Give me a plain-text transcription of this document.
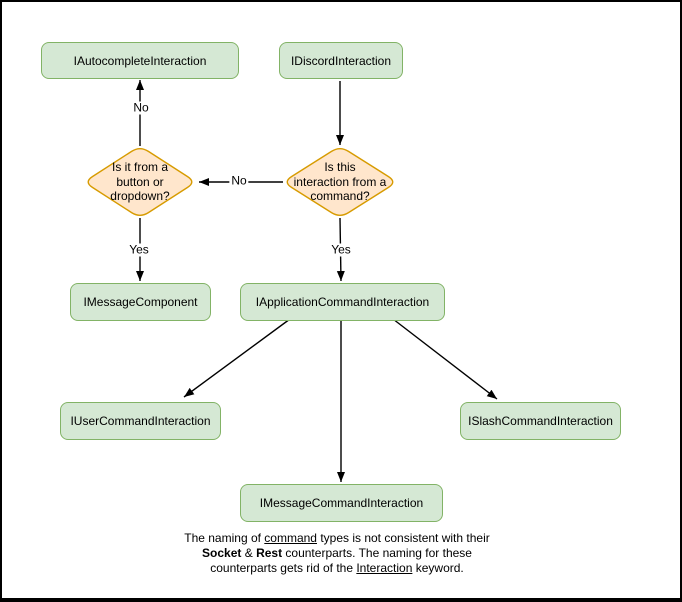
IAutocompleteInteraction	IDiscordInteraction
IMessageComponent	IApplicationCommandInteraction
IUserCommandInteraction	ISlashCommandInteraction
IMessageCommandInteraction
Is it from a
button or
dropdown?
Is this
interaction from a
command?
No
No
Yes	Yes
The naming of command types is not consistent with their Socket & Rest counterparts. The naming for these counterparts gets rid of the Interaction keyword.
